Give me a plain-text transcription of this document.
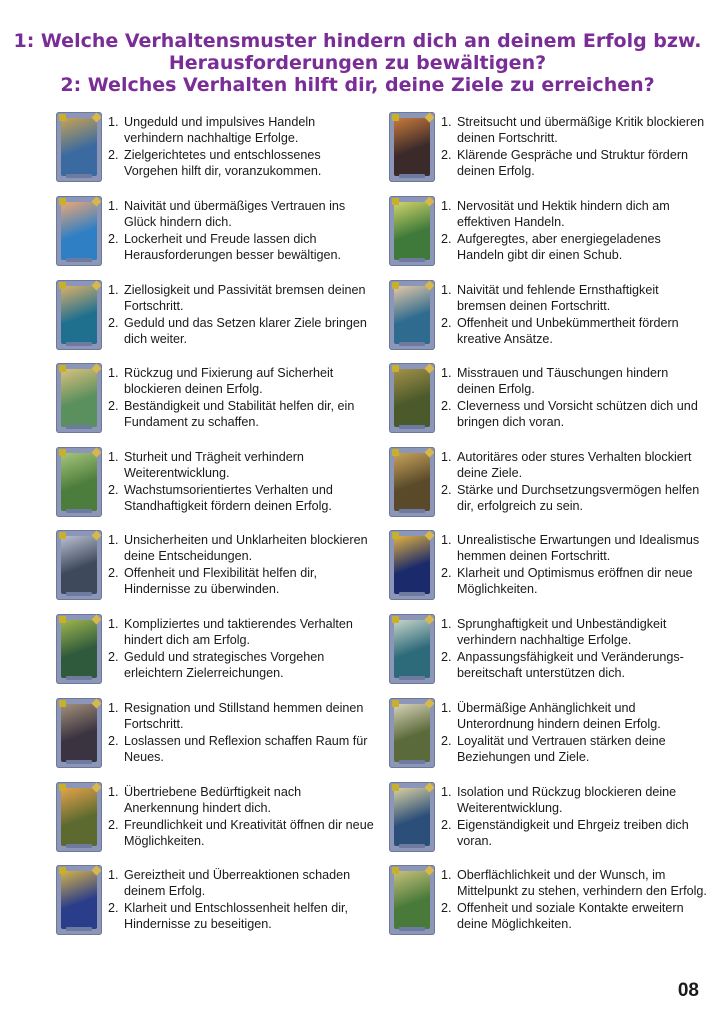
1: Welche Verhaltensmuster hindern dich an deinem Erfolg bzw.
Herausforderungen zu bewältigen?
2: Welches Verhalten hilft dir, deine Ziele zu erreichen?
1. Ungeduld und impulsives Handeln verhindern nachhaltige Erfolge.
2. Zielgerichtetes und entschlossenes Vorgehen hilft dir, voranzukommen.
1. Naivität und übermäßiges Vertrauen ins Glück hindern dich.
2. Lockerheit und Freude lassen dich Herausforderungen besser bewältigen.
1. Ziellosigkeit und Passivität bremsen deinen Fortschritt.
2. Geduld und das Setzen klarer Ziele bringen dich weiter.
1. Rückzug und Fixierung auf Sicherheit blockieren deinen Erfolg.
2. Beständigkeit und Stabilität helfen dir, ein Fundament zu schaffen.
1. Sturheit und Trägheit verhindern Weiterentwicklung.
2. Wachstumsorientiertes Verhalten und Standhaftigkeit fördern deinen Erfolg.
1. Unsicherheiten und Unklarheiten blockieren deine Entscheidungen.
2. Offenheit und Flexibilität helfen dir, Hindernisse zu überwinden.
1. Kompliziertes und taktierendes Verhalten hindert dich am Erfolg.
2. Geduld und strategisches Vorgehen erleichtern Zielerreichungen.
1. Resignation und Stillstand hemmen deinen Fortschritt.
2. Loslassen und Reflexion schaffen Raum für Neues.
1. Übertriebene Bedürftigkeit nach Anerkennung hindert dich.
2. Freundlichkeit und Kreativität öffnen dir neue Möglichkeiten.
1. Gereiztheit und Überreaktionen schaden deinem Erfolg.
2. Klarheit und Entschlossenheit helfen dir, Hindernisse zu beseitigen.
1. Streitsucht und übermäßige Kritik blockieren deinen Fortschritt.
2. Klärende Gespräche und Struktur fördern deinen Erfolg.
1. Nervosität und Hektik hindern dich am effektiven Handeln.
2. Aufgeregtes, aber energiegeladenes Handeln gibt dir einen Schub.
1. Naivität und fehlende Ernsthaftigkeit bremsen deinen Fortschritt.
2. Offenheit und Unbekümmertheit fördern kreative Ansätze.
1. Misstrauen und Täuschungen hindern deinen Erfolg.
2. Cleverness und Vorsicht schützen dich und bringen dich voran.
1. Autoritäres oder stures Verhalten blockiert deine Ziele.
2. Stärke und Durchsetzungsvermögen helfen dir, erfolgreich zu sein.
1. Unrealistische Erwartungen und Idealismus hemmen deinen Fortschritt.
2. Klarheit und Optimismus eröffnen dir neue Möglichkeiten.
1. Sprunghaftigkeit und Unbeständigkeit verhindern nachhaltige Erfolge.
2. Anpassungsfähigkeit und Veränderungsbereitschaft unterstützen dich.
1. Übermäßige Anhänglichkeit und Unterordnung hindern deinen Erfolg.
2. Loyalität und Vertrauen stärken deine Beziehungen und Ziele.
1. Isolation und Rückzug blockieren deine Weiterentwicklung.
2. Eigenständigkeit und Ehrgeiz treiben dich voran.
1. Oberflächlichkeit und der Wunsch, im Mittelpunkt zu stehen, verhindern den Erfolg.
2. Offenheit und soziale Kontakte erweitern deine Möglichkeiten.
08
